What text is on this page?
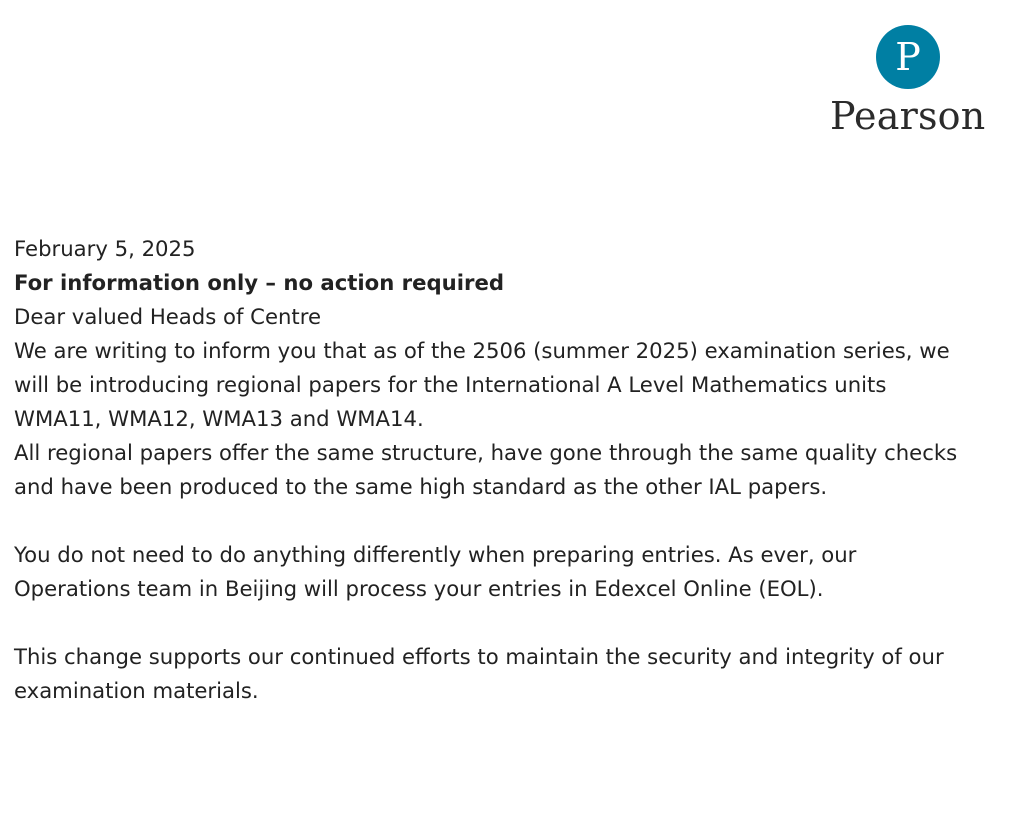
P
Pearson

February 5, 2025

For information only – no action required

Dear valued Heads of Centre

We are writing to inform you that as of the 2506 (summer 2025) examination series, we

will be introducing regional papers for the International A Level Mathematics units

WMA11, WMA12, WMA13 and WMA14.

All regional papers offer the same structure, have gone through the same quality checks

and have been produced to the same high standard as the other IAL papers.

You do not need to do anything differently when preparing entries. As ever, our

Operations team in Beijing will process your entries in Edexcel Online (EOL).

This change supports our continued efforts to maintain the security and integrity of our

examination materials.
